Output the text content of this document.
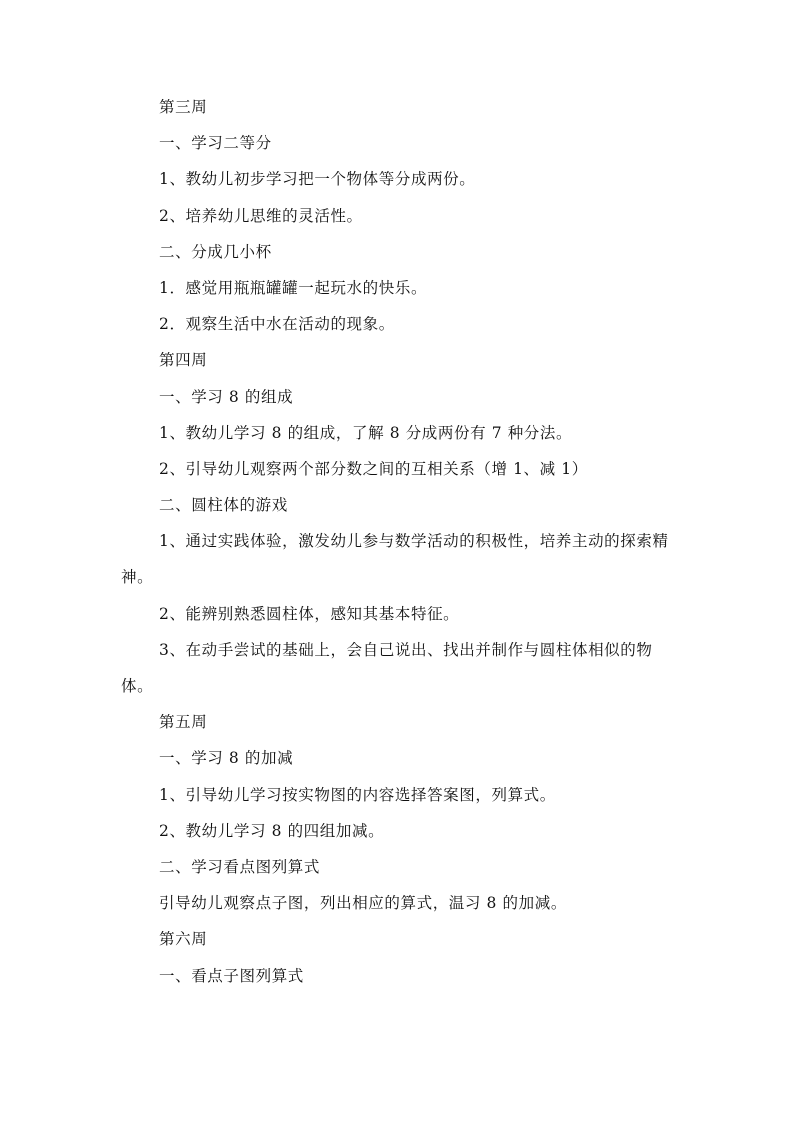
第三周

一、学习二等分

1、教幼儿初步学习把一个物体等分成两份。

2、培养幼儿思维的灵活性。

二、分成几小杯

1．感觉用瓶瓶罐罐一起玩水的快乐。

2．观察生活中水在活动的现象。

第四周

一、学习 8 的组成

1、教幼儿学习 8 的组成，了解 8 分成两份有 7 种分法。

2、引导幼儿观察两个部分数之间的互相关系（增 1、减 1）

二、圆柱体的游戏

1、通过实践体验，激发幼儿参与数学活动的积极性，培养主动的探索精神。

2、能辨别熟悉圆柱体，感知其基本特征。

3、在动手尝试的基础上，会自己说出、找出并制作与圆柱体相似的物体。

第五周

一、学习 8 的加减

1、引导幼儿学习按实物图的内容选择答案图，列算式。

2、教幼儿学习 8 的四组加减。

二、学习看点图列算式

引导幼儿观察点子图，列出相应的算式，温习 8 的加减。

第六周

一、看点子图列算式
